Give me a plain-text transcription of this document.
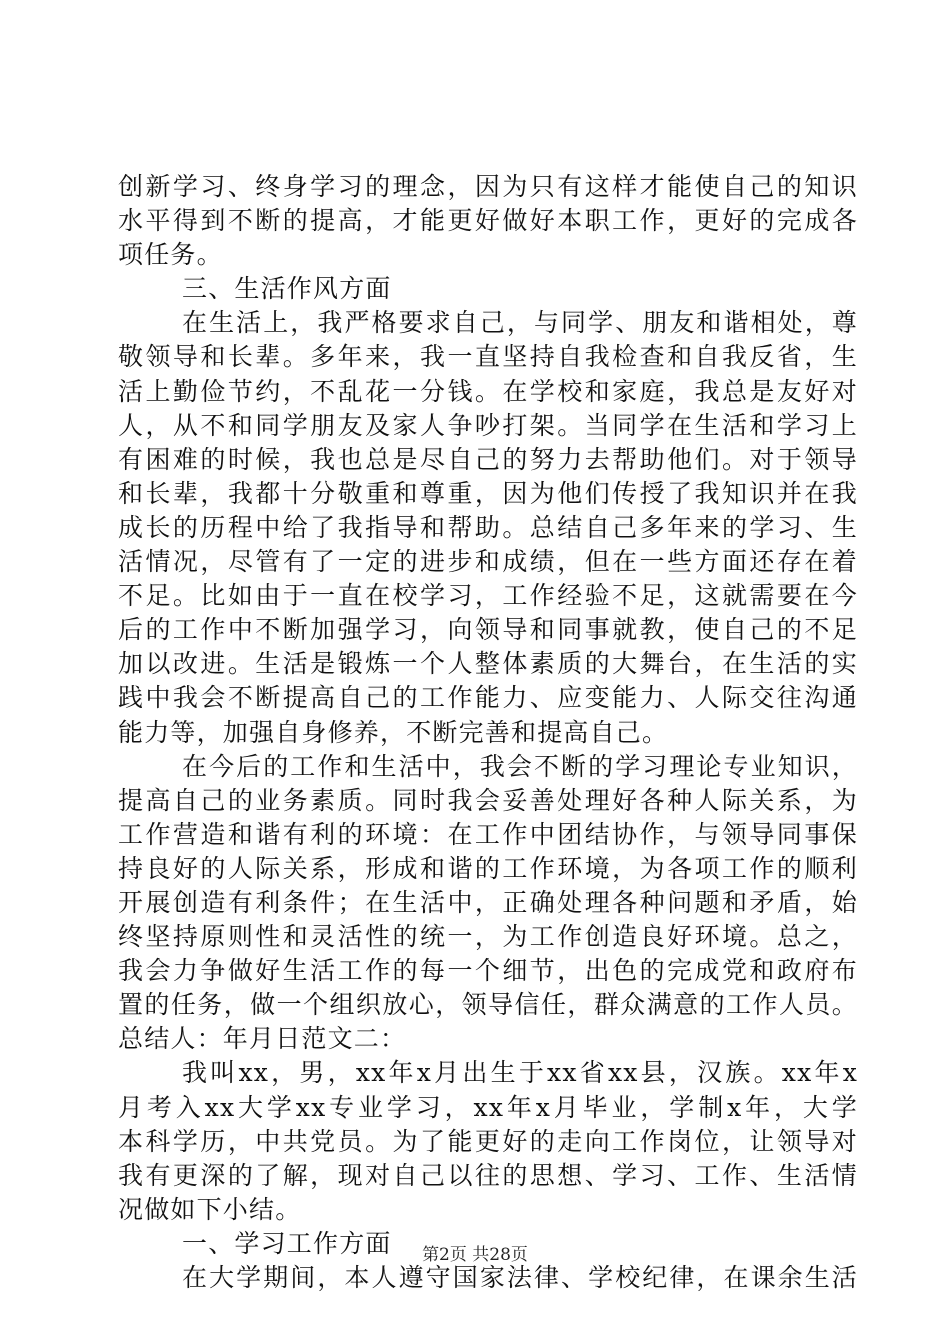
创新学习、终身学习的理念，因为只有这样才能使自己的知识
水平得到不断的提高，才能更好做好本职工作，更好的完成各
项任务。
三、生活作风方面
在生活上，我严格要求自己，与同学、朋友和谐相处，尊
敬领导和长辈。多年来，我一直坚持自我检查和自我反省，生
活上勤俭节约，不乱花一分钱。在学校和家庭，我总是友好对
人，从不和同学朋友及家人争吵打架。当同学在生活和学习上
有困难的时候，我也总是尽自己的努力去帮助他们。对于领导
和长辈，我都十分敬重和尊重，因为他们传授了我知识并在我
成长的历程中给了我指导和帮助。总结自己多年来的学习、生
活情况，尽管有了一定的进步和成绩，但在一些方面还存在着
不足。比如由于一直在校学习，工作经验不足，这就需要在今
后的工作中不断加强学习，向领导和同事就教，使自己的不足
加以改进。生活是锻炼一个人整体素质的大舞台，在生活的实
践中我会不断提高自己的工作能力、应变能力、人际交往沟通
能力等，加强自身修养，不断完善和提高自己。
在今后的工作和生活中，我会不断的学习理论专业知识，
提高自己的业务素质。同时我会妥善处理好各种人际关系，为
工作营造和谐有利的环境：在工作中团结协作，与领导同事保
持良好的人际关系，形成和谐的工作环境，为各项工作的顺利
开展创造有利条件；在生活中，正确处理各种问题和矛盾，始
终坚持原则性和灵活性的统一，为工作创造良好环境。总之，
我会力争做好生活工作的每一个细节，出色的完成党和政府布
置的任务，做一个组织放心，领导信任，群众满意的工作人员。
总结人：年月日范文二：
我叫xx，男，xx年x月出生于xx省xx县，汉族。xx年x
月考入xx大学xx专业学习，xx年x月毕业，学制x年，大学
本科学历，中共党员。为了能更好的走向工作岗位，让领导对
我有更深的了解，现对自己以往的思想、学习、工作、生活情
况做如下小结。
一、学习工作方面
在大学期间，本人遵守国家法律、学校纪律，在课余生活
第2页 共28页
